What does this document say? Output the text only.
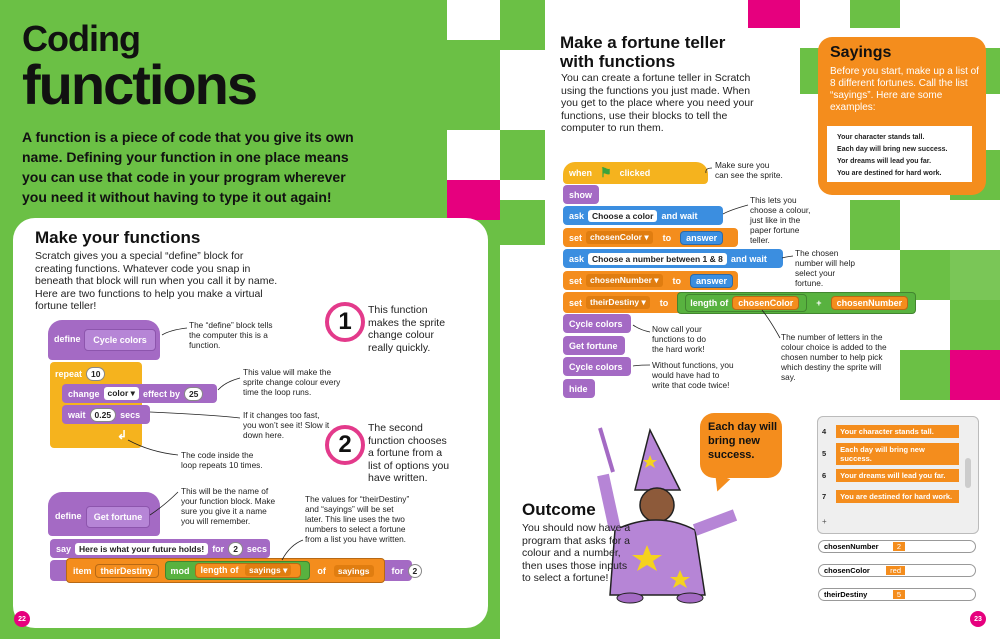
Coding
functions
A function is a piece of code that you give its own name. Defining your function in one place means you can use that code in your program wherever you need it without having to type it out again!
Make your functions
Scratch gives you a special “define” block for creating functions. Whatever code you snap in beneath that block will run when you call it by name. Here are two functions to help you make a virtual fortune teller!
1	This function makes the sprite change colour really quickly.
2
The second function chooses a fortune from a list of options you have written.
define	Cycle colors
repeat	10
change color ▾ effect by	25
wait	0.25	secs
↲
The “define” block tells the computer this is a function.
This value will make the sprite change colour every time the loop runs.
If it changes too fast, you won’t see it! Slow it down here.
The code inside the loop repeats 10 times.
define	Get fortune
say Here is what your future holds! for	2	secs
item	theirDestiny	mod	length of sayings ▾	of	sayings	for	2	secs
This will be the name of your function block. Make sure you give it a name you will remember.
The values for “theirDestiny” and “sayings” will be set later. This line uses the two numbers to select a fortune from a list you have written.
22
Make a fortune teller with functions
You can create a fortune teller in Scratch using the functions you just made. When you get to the place where you need your functions, use their blocks to tell the computer to run them.
Sayings
Before you start, make up a list of 8 different fortunes. Call the list “sayings”. Here are some examples:
Your character stands tall.
Each day will bring new success.
Yor dreams will lead you far.
You are destined for hard work.
when ⚑ clicked
show
ask Choose a color and wait
set chosenColor ▾	to	answer
ask Choose a number between 1 & 8 and wait
set chosenNumber ▾	to	answer
set theirDestiny ▾	to length of	chosenColor	+	chosenNumber
Cycle colors
Get fortune
Cycle colors
hide
Make sure you can see the sprite.
This lets you choose a colour, just like in the paper fortune teller.
The chosen number will help select your fortune.
Now call your functions to do the hard work!
Without functions, you would have had to write that code twice!
The number of letters in the colour choice is added to the chosen number to help pick which destiny the sprite will say.
Each day will bring new success.
Outcome
You should now have a program that asks for a colour and a number, then uses those inputs to select a fortune!
4	Your character stands tall.
5	Each day will bring new success.
6	Your dreams will lead you far.
7	You are destined for hard work.
+
chosenNumber	2
chosenColor	red
theirDestiny	5
23
